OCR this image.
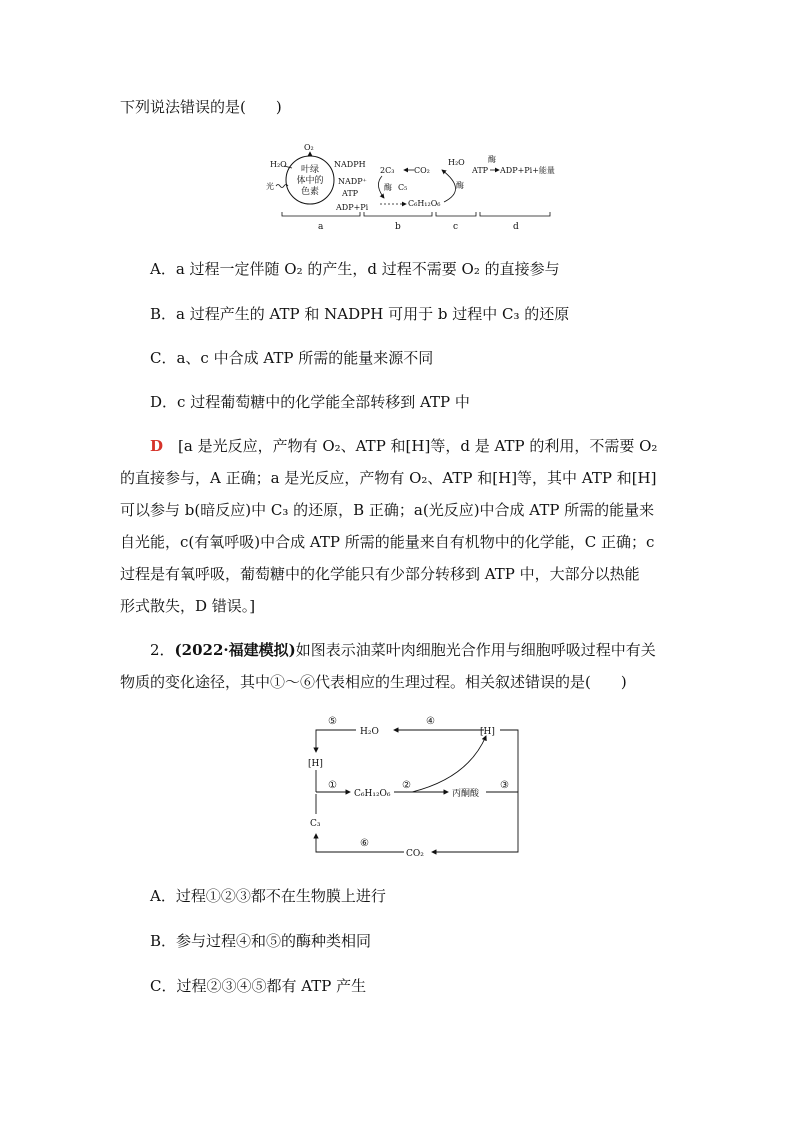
下列说法错误的是(　　)
叶绿
体中的
色素
H₂O
O₂
光
NADPH
NADP⁺
ATP
ADP+Pi
2C₃
酶 C₅
CO₂
C₆H₁₂O₆
H₂O
酶
ATP
酶
ADP+Pi+能量
a	b	c	d
A．a 过程一定伴随 O₂ 的产生，d 过程不需要 O₂ 的直接参与
B．a 过程产生的 ATP 和 NADPH 可用于 b 过程中 C₃ 的还原
C．a、c 中合成 ATP 所需的能量来源不同
D．c 过程葡萄糖中的化学能全部转移到 ATP 中
D　 [a 是光反应，产物有 O₂、ATP 和[H]等，d 是 ATP 的利用，不需要 O₂
的直接参与，A 正确；a 是光反应，产物有 O₂、ATP 和[H]等，其中 ATP 和[H]
可以参与 b(暗反应)中 C₃ 的还原，B 正确；a(光反应)中合成 ATP 所需的能量来
自光能，c(有氧呼吸)中合成 ATP 所需的能量来自有机物中的化学能，C 正确；c
过程是有氧呼吸，葡萄糖中的化学能只有少部分转移到 ATP 中，大部分以热能
形式散失，D 错误。]
2．(2022·福建模拟)如图表示油菜叶肉细胞光合作用与细胞呼吸过程中有关
物质的变化途径，其中①～⑥代表相应的生理过程。相关叙述错误的是(　　)
⑤
H₂O
④
[H]
[H]
①
C₆H₁₂O₆
②
丙酮酸
③
C₃
⑥
CO₂
A．过程①②③都不在生物膜上进行
B．参与过程④和⑤的酶种类相同
C．过程②③④⑤都有 ATP 产生
